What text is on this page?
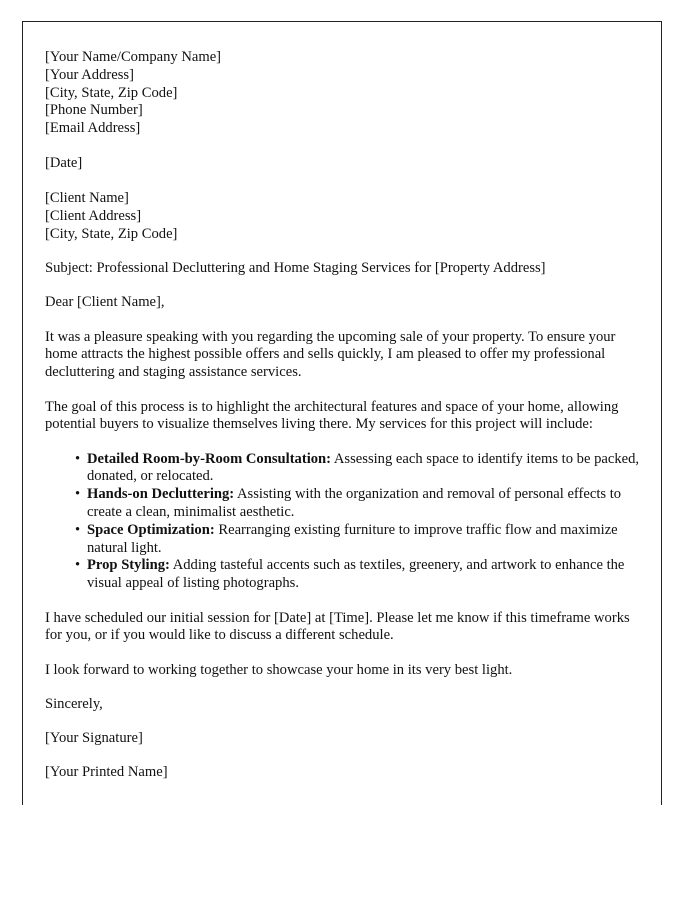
[Your Name/Company Name]
[Your Address]
[City, State, Zip Code]
[Phone Number]
[Email Address]
[Date]
[Client Name]
[Client Address]
[City, State, Zip Code]

Subject: Professional Decluttering and Home Staging Services for [Property Address]

Dear [Client Name],

It was a pleasure speaking with you regarding the upcoming sale of your property. To ensure your home attracts the highest possible offers and sells quickly, I am pleased to offer my professional decluttering and staging assistance services.

The goal of this process is to highlight the architectural features and space of your home, allowing potential buyers to visualize themselves living there. My services for this project will include:

• Detailed Room-by-Room Consultation: Assessing each space to identify items to be packed, donated, or relocated.
• Hands-on Decluttering: Assisting with the organization and removal of personal effects to create a clean, minimalist aesthetic.
• Space Optimization: Rearranging existing furniture to improve traffic flow and maximize natural light.
• Prop Styling: Adding tasteful accents such as textiles, greenery, and artwork to enhance the visual appeal of listing photographs.

I have scheduled our initial session for [Date] at [Time]. Please let me know if this timeframe works for you, or if you would like to discuss a different schedule.

I look forward to working together to showcase your home in its very best light.

Sincerely,

[Your Signature]

[Your Printed Name]
